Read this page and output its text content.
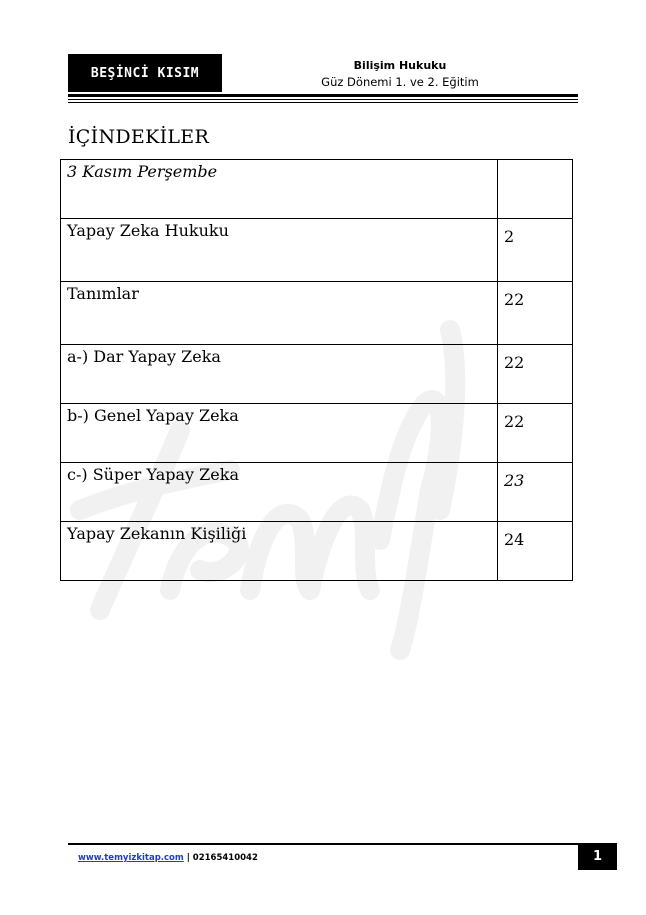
BEŞİNCİ KISIM	Bilişim Hukuku
Güz Dönemi 1. ve 2. Eğitim
İÇİNDEKİLER
3 Kasım Perşembe	
Yapay Zeka Hukuku	2
Tanımlar	22
a-) Dar Yapay Zeka	22
b-) Genel Yapay Zeka	22
c-) Süper Yapay Zeka	23
Yapay Zekanın Kişiliği	24
www.temyizkitap.com | 02165410042	1
